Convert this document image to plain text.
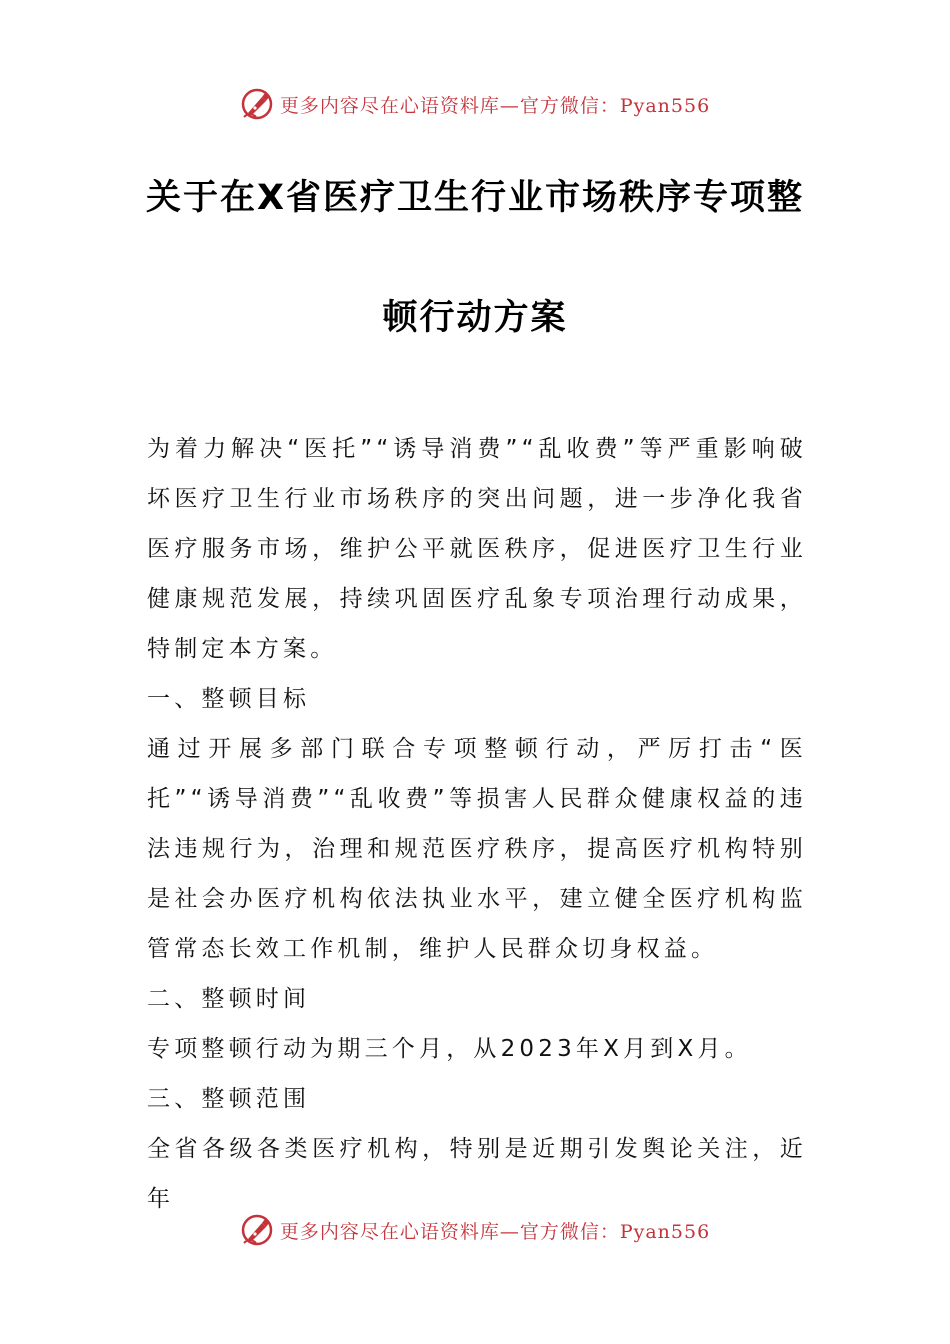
更多内容尽在心语资料库—官方微信：Pyan556
关于在X省医疗卫生行业市场秩序专项整
顿行动方案

为着力解决“医托”“诱导消费”“乱收费”等严重影响破坏医疗卫生行业市场秩序的突出问题，进一步净化我省医疗服务市场，维护公平就医秩序，促进医疗卫生行业健康规范发展，持续巩固医疗乱象专项治理行动成果，特制定本方案。

一、整顿目标

通过开展多部门联合专项整顿行动，严厉打击“医托”“诱导消费”“乱收费”等损害人民群众健康权益的违法违规行为，治理和规范医疗秩序，提高医疗机构特别是社会办医疗机构依法执业水平，建立健全医疗机构监管常态长效工作机制，维护人民群众切身权益。

二、整顿时间

专项整顿行动为期三个月，从2023年X月到X月。

三、整顿范围

全省各级各类医疗机构，特别是近期引发舆论关注，近年

更多内容尽在心语资料库—官方微信：Pyan556
